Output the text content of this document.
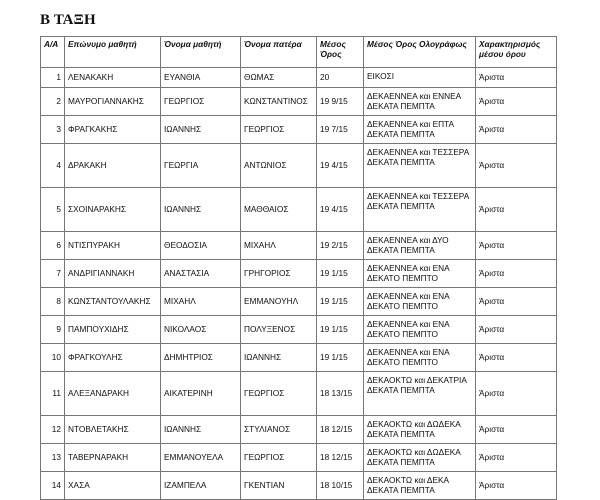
Β ΤΑΞΗ
Α/Α	Επώνυμο μαθητή	Όνομα μαθητή	Όνομα πατέρα	Μέσος Όρος	Μέσος Όρος Ολογράφως	Χαρακτηρισμός μέσου όρου
1	ΛΕΝΑΚΑΚΗ	ΕΥΑΝΘΙΑ	ΘΩΜΑΣ	20	ΕΙΚΟΣΙ	Άριστα
2	ΜΑΥΡΟΓΙΑΝΝΑΚΗΣ	ΓΕΩΡΓΙΟΣ	ΚΩΝΣΤΑΝΤΙΝΟΣ	19 9/15	ΔΕΚΑΕΝΝΕΑ και ΕΝΝΕΑ ΔΕΚΑΤΑ ΠΕΜΠΤΑ	Άριστα
3	ΦΡΑΓΚΑΚΗΣ	ΙΩΑΝΝΗΣ	ΓΕΩΡΓΙΟΣ	19 7/15	ΔΕΚΑΕΝΝΕΑ και ΕΠΤΑ ΔΕΚΑΤΑ ΠΕΜΠΤΑ	Άριστα
4	ΔΡΑΚΑΚΗ	ΓΕΩΡΓΙΑ	ΑΝΤΩΝΙΟΣ	19 4/15	ΔΕΚΑΕΝΝΕΑ και ΤΕΣΣΕΡΑ ΔΕΚΑΤΑ ΠΕΜΠΤΑ	Άριστα
5	ΣΧΟΙΝΑΡΑΚΗΣ	ΙΩΑΝΝΗΣ	ΜΑΘΘΑΙΟΣ	19 4/15	ΔΕΚΑΕΝΝΕΑ και ΤΕΣΣΕΡΑ ΔΕΚΑΤΑ ΠΕΜΠΤΑ	Άριστα
6	ΝΤΙΣΠΥΡΑΚΗ	ΘΕΟΔΟΣΙΑ	ΜΙΧΑΗΛ	19 2/15	ΔΕΚΑΕΝΝΕΑ και ΔΥΟ ΔΕΚΑΤΑ ΠΕΜΠΤΑ	Άριστα
7	ΑΝΔΡΙΓΙΑΝΝΑΚΗ	ΑΝΑΣΤΑΣΙΑ	ΓΡΗΓΟΡΙΟΣ	19 1/15	ΔΕΚΑΕΝΝΕΑ και ΕΝΑ ΔΕΚΑΤΟ ΠΕΜΠΤΟ	Άριστα
8	ΚΩΝΣΤΑΝΤΟΥΛΑΚΗΣ	ΜΙΧΑΗΛ	ΕΜΜΑΝΟΥΗΛ	19 1/15	ΔΕΚΑΕΝΝΕΑ και ΕΝΑ ΔΕΚΑΤΟ ΠΕΜΠΤΟ	Άριστα
9	ΠΑΜΠΟΥΧΙΔΗΣ	ΝΙΚΟΛΑΟΣ	ΠΟΛΥΞΕΝΟΣ	19 1/15	ΔΕΚΑΕΝΝΕΑ και ΕΝΑ ΔΕΚΑΤΟ ΠΕΜΠΤΟ	Άριστα
10	ΦΡΑΓΚΟΥΛΗΣ	ΔΗΜΗΤΡΙΟΣ	ΙΩΑΝΝΗΣ	19 1/15	ΔΕΚΑΕΝΝΕΑ και ΕΝΑ ΔΕΚΑΤΟ ΠΕΜΠΤΟ	Άριστα
11	ΑΛΕΞΑΝΔΡΑΚΗ	ΑΙΚΑΤΕΡΙΝΗ	ΓΕΩΡΓΙΟΣ	18 13/15	ΔΕΚΑΟΚΤΩ και ΔΕΚΑΤΡΙΑ ΔΕΚΑΤΑ ΠΕΜΠΤΑ	Άριστα
12	ΝΤΟΒΛΕΤΑΚΗΣ	ΙΩΑΝΝΗΣ	ΣΤΥΛΙΑΝΟΣ	18 12/15	ΔΕΚΑΟΚΤΩ και ΔΩΔΕΚΑ ΔΕΚΑΤΑ ΠΕΜΠΤΑ	Άριστα
13	ΤΑΒΕΡΝΑΡΑΚΗ	ΕΜΜΑΝΟΥΕΛΑ	ΓΕΩΡΓΙΟΣ	18 12/15	ΔΕΚΑΟΚΤΩ και ΔΩΔΕΚΑ ΔΕΚΑΤΑ ΠΕΜΠΤΑ	Άριστα
14	ΧΑΣΑ	ΙΖΑΜΠΕΛΑ	ΓΚΕΝΤΙΑΝ	18 10/15	ΔΕΚΑΟΚΤΩ και ΔΕΚΑ ΔΕΚΑΤΑ ΠΕΜΠΤΑ	Άριστα
